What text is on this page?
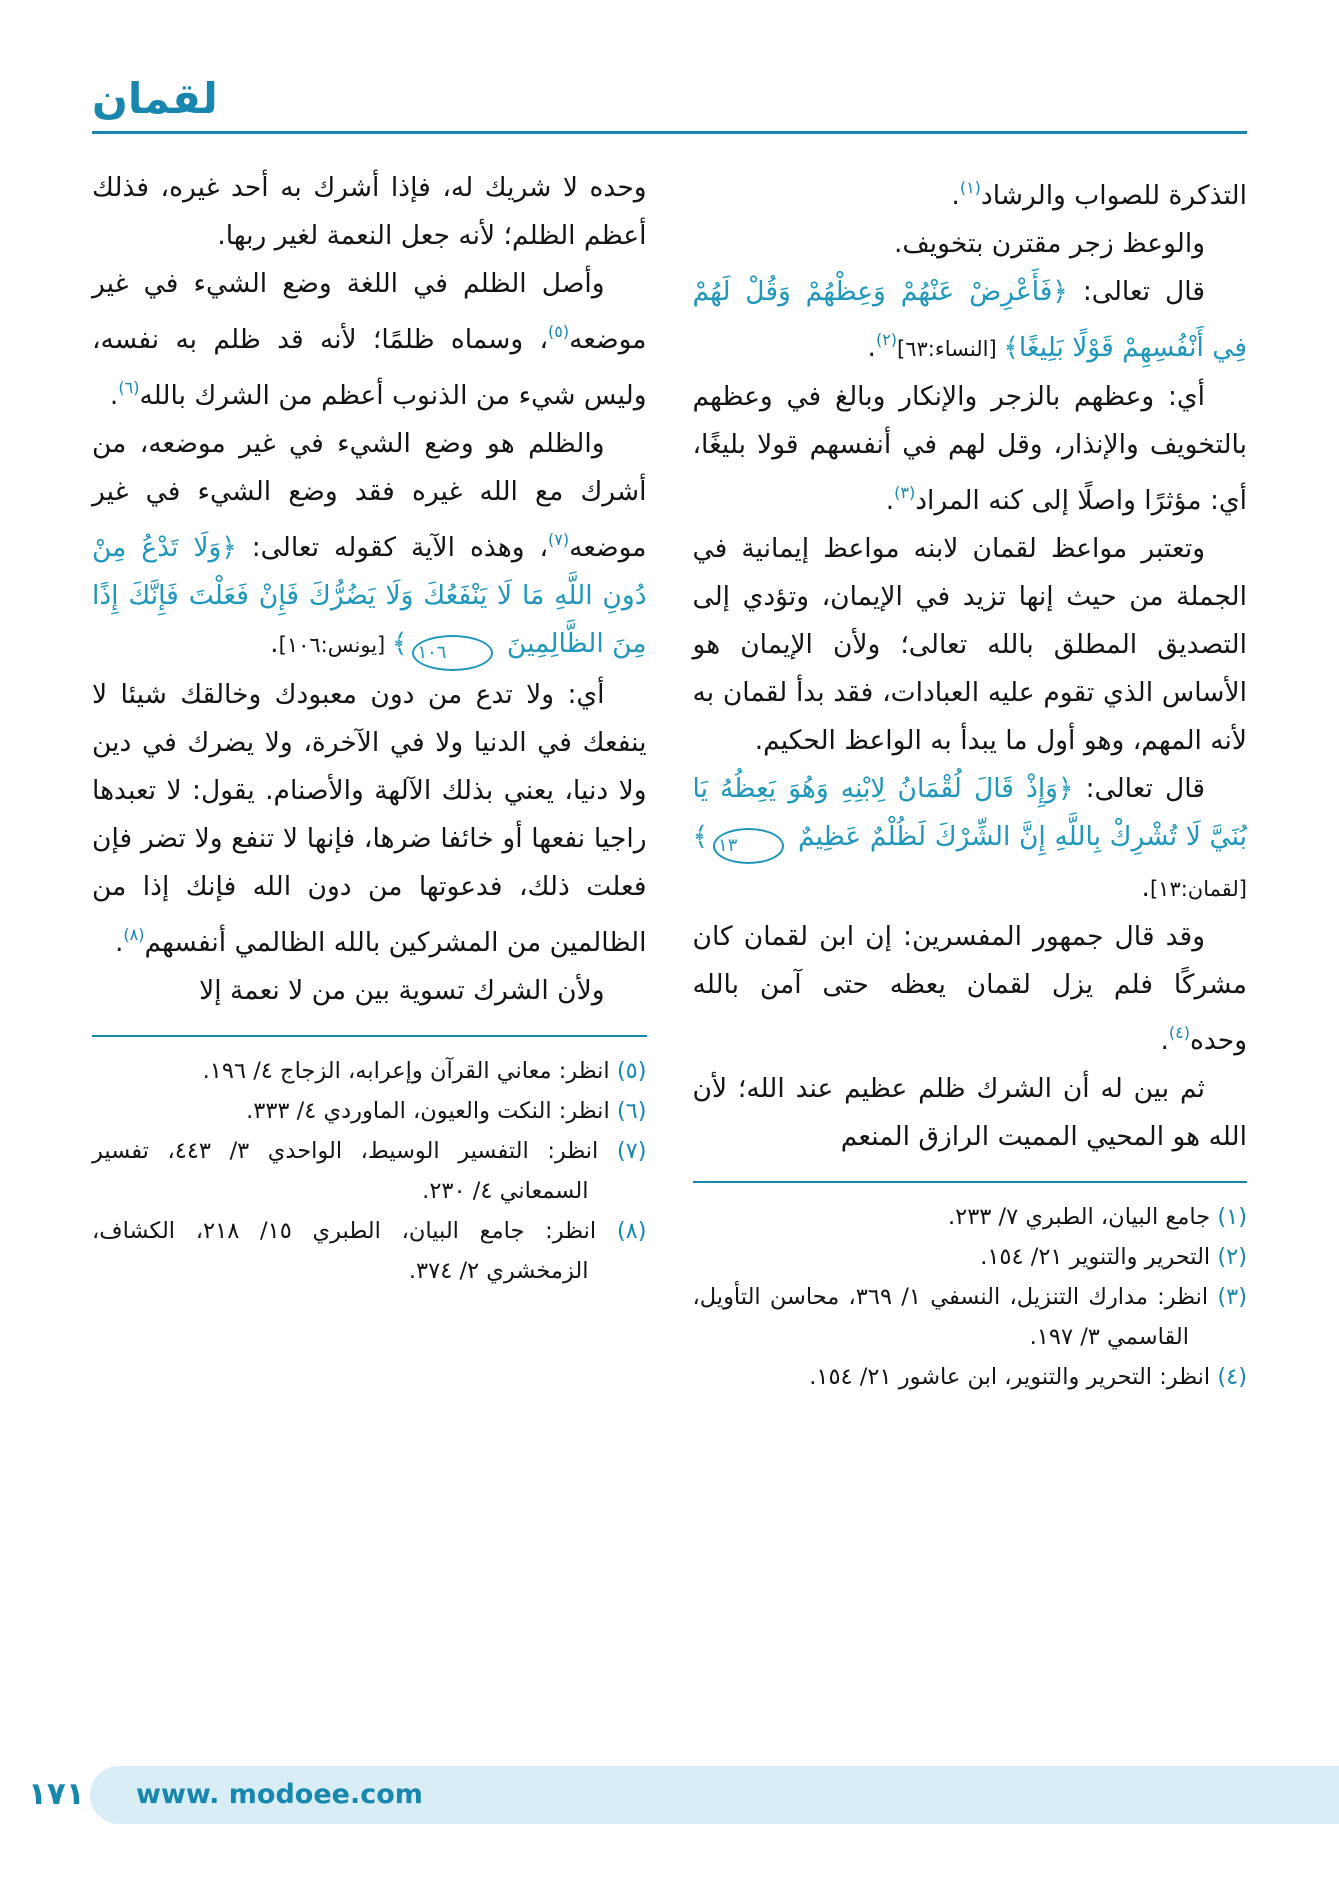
لقمان
التذكرة للصواب والرشاد$^{(١)}$.
والوعظ زجر مقترن بتخويف.
قال تعالى: ﴿فَأَعْرِضْ عَنْهُمْ وَعِظْهُمْ وَقُلْ لَهُمْ فِي أَنْفُسِهِمْ قَوْلًا بَلِيغًا﴾ [النساء:٦٣]$^{(٢)}$.
أي: وعظهم بالزجر والإنكار وبالغ في وعظهم بالتخويف والإنذار، وقل لهم في أنفسهم قولا بليغًا، أي: مؤثرًا واصلًا إلى كنه المراد$^{(٣)}$.
وتعتبر مواعظ لقمان لابنه مواعظ إيمانية في الجملة من حيث إنها تزيد في الإيمان، وتؤدي إلى التصديق المطلق بالله تعالى؛ ولأن الإيمان هو الأساس الذي تقوم عليه العبادات، فقد بدأ لقمان به لأنه المهم، وهو أول ما يبدأ به الواعظ الحكيم.
قال تعالى: ﴿وَإِذْ قَالَ لُقْمَانُ لِابْنِهِ وَهُوَ يَعِظُهُ يَا بُنَيَّ لَا تُشْرِكْ بِاللَّهِ إِنَّ الشِّرْكَ لَظُلْمٌ عَظِيمٌ ١٣﴾ [لقمان:١٣].
وقد قال جمهور المفسرين: إن ابن لقمان كان مشركًا فلم يزل لقمان يعظه حتى آمن بالله وحده$^{(٤)}$.
ثم بين له أن الشرك ظلم عظيم عند الله؛ لأن الله هو المحيي المميت الرازق المنعم
(١) جامع البيان، الطبري ٧/ ٢٣٣.
(٢) التحرير والتنوير ٢١/ ١٥٤.
(٣) انظر: مدارك التنزيل، النسفي ١/ ٣٦٩، محاسن التأويل، القاسمي ٣/ ١٩٧.
(٤) انظر: التحرير والتنوير، ابن عاشور ٢١/ ١٥٤.
وحده لا شريك له، فإذا أشرك به أحد غيره، فذلك أعظم الظلم؛ لأنه جعل النعمة لغير ربها.
وأصل الظلم في اللغة وضع الشيء في غير موضعه$^{(٥)}$، وسماه ظلمًا؛ لأنه قد ظلم به نفسه، وليس شيء من الذنوب أعظم من الشرك بالله$^{(٦)}$.
والظلم هو وضع الشيء في غير موضعه، من أشرك مع الله غيره فقد وضع الشيء في غير موضعه$^{(٧)}$، وهذه الآية كقوله تعالى: ﴿وَلَا تَدْعُ مِنْ دُونِ اللَّهِ مَا لَا يَنْفَعُكَ وَلَا يَضُرُّكَ فَإِنْ فَعَلْتَ فَإِنَّكَ إِذًا مِنَ الظَّالِمِينَ ١٠٦﴾ [يونس:١٠٦].
أي: ولا تدع من دون معبودك وخالقك شيئا لا ينفعك في الدنيا ولا في الآخرة، ولا يضرك في دين ولا دنيا، يعني بذلك الآلهة والأصنام. يقول: لا تعبدها راجيا نفعها أو خائفا ضرها، فإنها لا تنفع ولا تضر فإن فعلت ذلك، فدعوتها من دون الله فإنك إذا من الظالمين من المشركين بالله الظالمي أنفسهم$^{(٨)}$.
ولأن الشرك تسوية بين من لا نعمة إلا
(٥) انظر: معاني القرآن وإعرابه، الزجاج ٤/ ١٩٦.
(٦) انظر: النكت والعيون، الماوردي ٤/ ٣٣٣.
(٧) انظر: التفسير الوسيط، الواحدي ٣/ ٤٤٣، تفسير السمعاني ٤/ ٢٣٠.
(٨) انظر: جامع البيان، الطبري ١٥/ ٢١٨، الكشاف، الزمخشري ٢/ ٣٧٤.
١٧١ www. modoee.com
